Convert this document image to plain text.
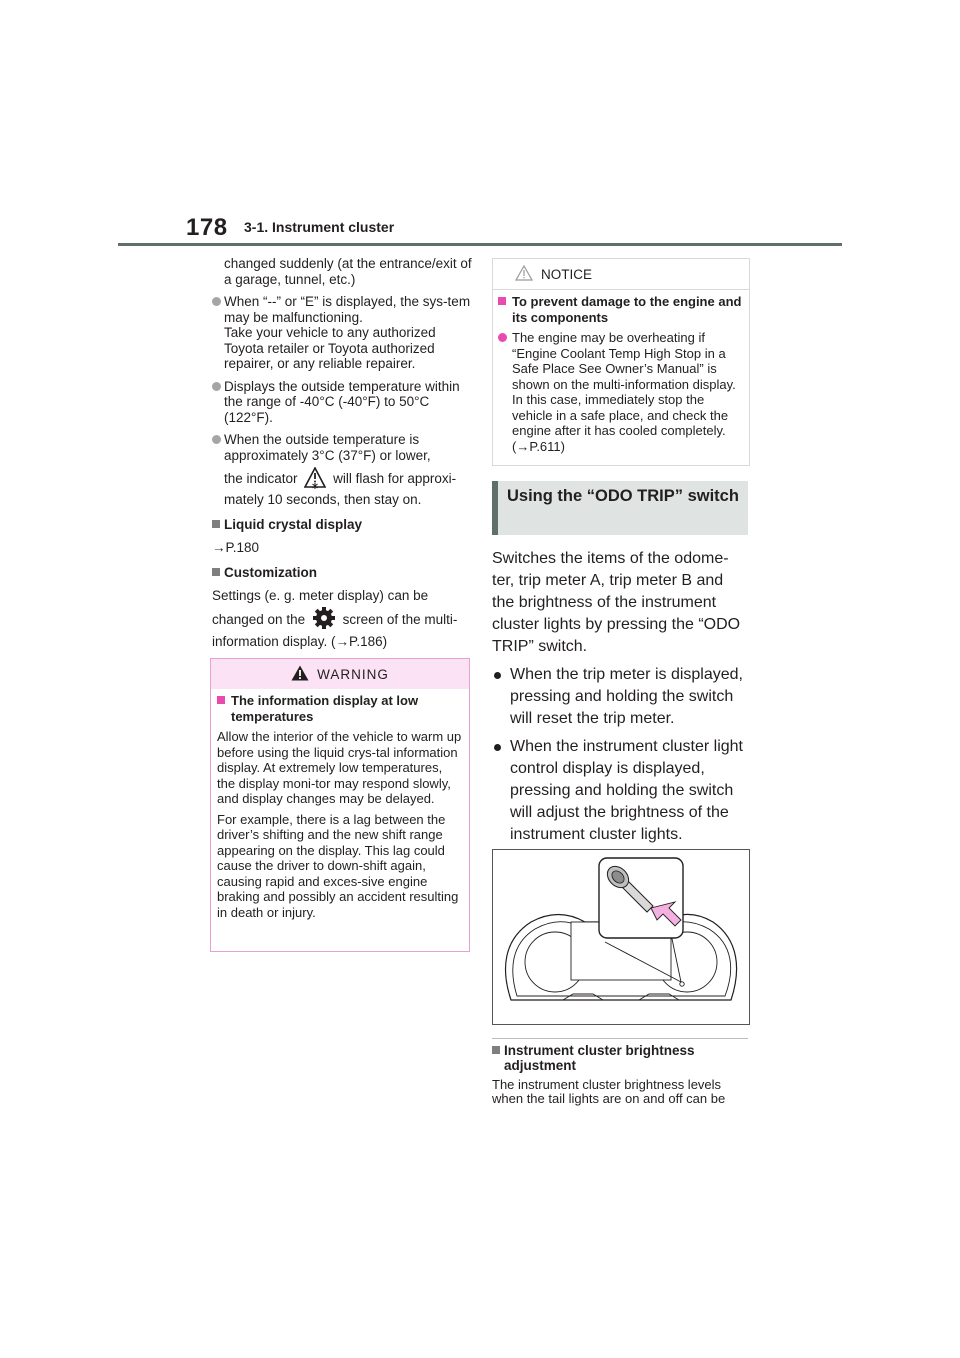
178 3-1. Instrument cluster

changed suddenly (at the entrance/exit of a garage, tunnel, etc.)

When “--” or “E” is displayed, the sys-tem may be malfunctioning.
Take your vehicle to any authorized Toyota retailer or Toyota authorized repairer, or any reliable repairer.

Displays the outside temperature within the range of -40°C (-40°F) to 50°C (122°F).

When the outside temperature is approximately 3°C (37°F) or lower,
the indicator	will flash for approxi-mately 10 seconds, then stay on.

Liquid crystal display

→P.180

Customization

Settings (e. g. meter display) can be
changed on the	screen of the multi-information display. (→P.186)

WARNING

The information display at low temperatures

Allow the interior of the vehicle to warm up before using the liquid crys-tal information display. At extremely low temperatures, the display moni-tor may respond slowly, and display changes may be delayed.

For example, there is a lag between the driver’s shifting and the new shift range appearing on the display. This lag could cause the driver to down-shift again, causing rapid and exces-sive engine braking and possibly an accident resulting in death or injury.

NOTICE

To prevent damage to the engine and its components

The engine may be overheating if “Engine Coolant Temp High Stop in a Safe Place See Owner’s Manual” is shown on the multi-information display. In this case, immediately stop the vehicle in a safe place, and check the engine after it has cooled completely. (→P.611)

Using the “ODO TRIP” switch

Switches the items of the odome-ter, trip meter A, trip meter B and the brightness of the instrument cluster lights by pressing the “ODO TRIP” switch.

When the trip meter is displayed, pressing and holding the switch will reset the trip meter.

When the instrument cluster light control display is displayed, pressing and holding the switch will adjust the brightness of the instrument cluster lights.

Instrument cluster brightness adjustment

The instrument cluster brightness levels when the tail lights are on and off can be
